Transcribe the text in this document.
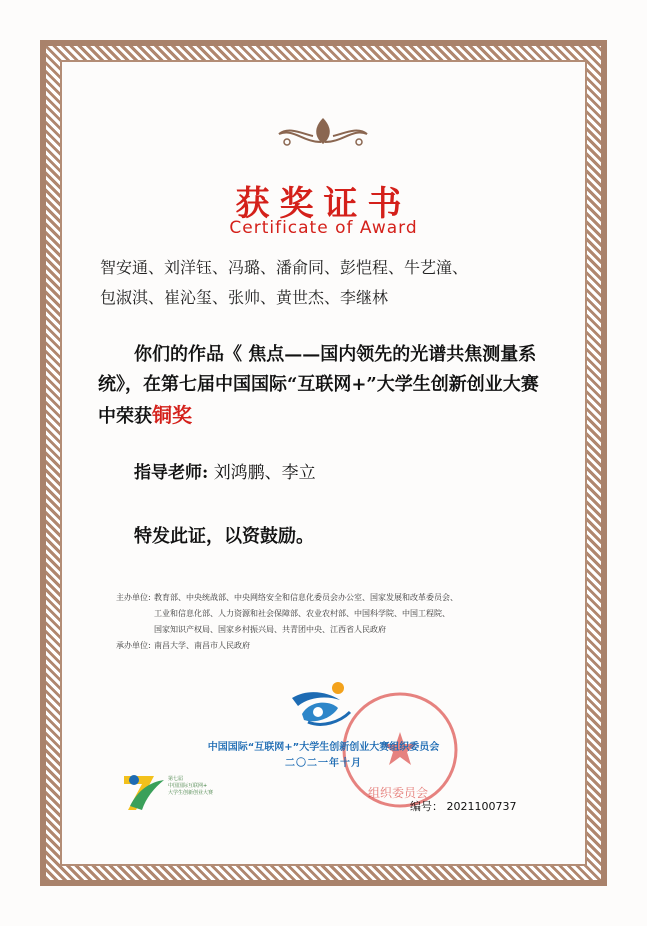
获奖证书
Certificate of Award
智安通、刘洋钰、冯璐、潘俞同、彭恺程、牛艺潼、
包淑淇、崔沁玺、张帅、黄世杰、李继林
你们的作品《 焦点——国内领先的光谱共焦测量系统》，在第七届中国国际“互联网+”大学生创新创业大赛中荣获铜奖
指导老师: 刘鸿鹏、李立
特发此证，以资鼓励。
主办单位: 教育部、中央统战部、中央网络安全和信息化委员会办公室、国家发展和改革委员会、
工业和信息化部、人力资源和社会保障部、农业农村部、中国科学院、中国工程院、
国家知识产权局、国家乡村振兴局、共青团中央、江西省人民政府
承办单位: 南昌大学、南昌市人民政府
中国国际“互联网+”大学生创新创业大赛组织委员会
二〇二一年十月
组织委员会
编号： 2021100737
第七届
中国国际互联网+
大学生创新创业大赛
